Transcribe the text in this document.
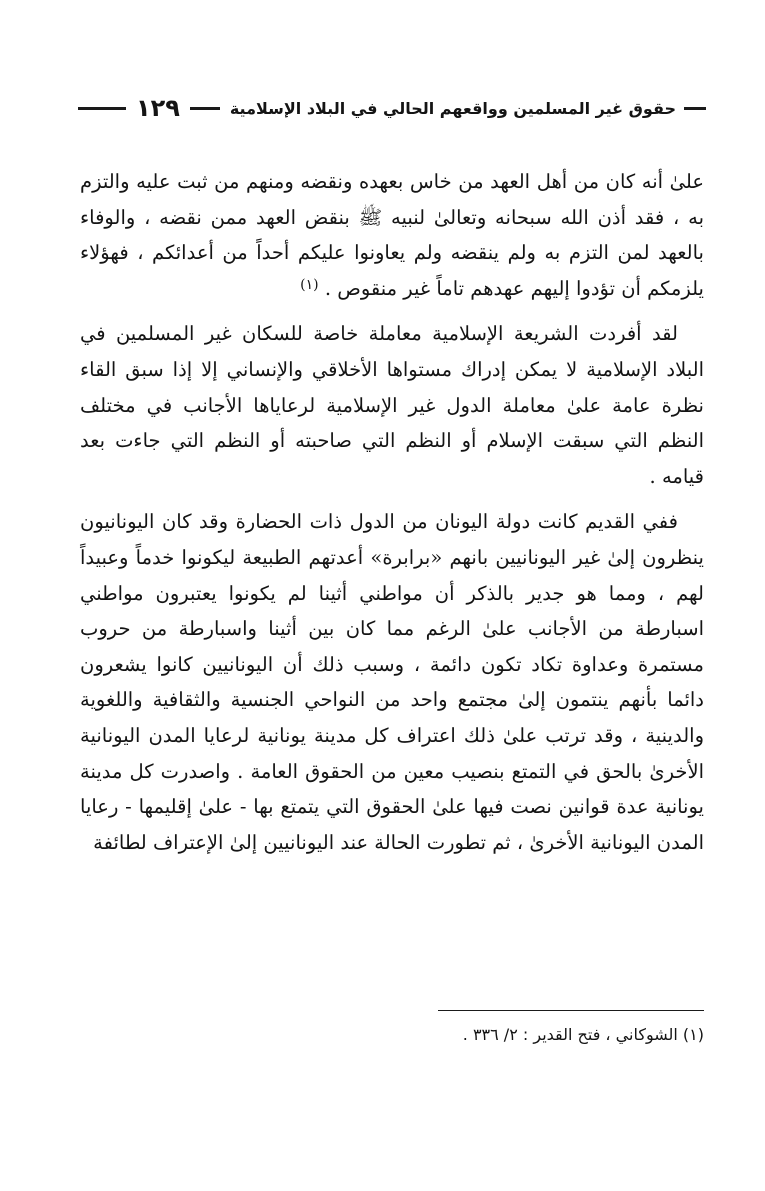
حقوق غير المسلمين وواقعهم الحالي في البلاد الإسلامية
١٢٩

علىٰ أنه كان من أهل العهد من خاس بعهده ونقضه ومنهم من ثبت عليه والتزم به ، فقد أذن الله سبحانه وتعالىٰ لنبيه ﷺ بنقض العهد ممن نقضه ، والوفاء بالعهد لمن التزم به ولم ينقضه ولم يعاونوا عليكم أحداً من أعدائكم ، فهؤلاء يلزمكم أن تؤدوا إليهم عهدهم تاماً غير منقوص . $^{(١)}$

لقد أفردت الشريعة الإسلامية معاملة خاصة للسكان غير المسلمين في البلاد الإسلامية لا يمكن إدراك مستواها الأخلاقي والإنساني إلا إذا سبق القاء نظرة عامة علىٰ معاملة الدول غير الإسلامية لرعاياها الأجانب في مختلف النظم التي سبقت الإسلام أو النظم التي صاحبته أو النظم التي جاءت بعد قيامه .

ففي القديم كانت دولة اليونان من الدول ذات الحضارة وقد كان اليونانيون ينظرون إلىٰ غير اليونانيين بانهم «برابرة» أعدتهم الطبيعة ليكونوا خدماً وعبيداً لهم ، ومما هو جدير بالذكر أن مواطني أثينا لم يكونوا يعتبرون مواطني اسبارطة من الأجانب علىٰ الرغم مما كان بين أثينا واسبارطة من حروب مستمرة وعداوة تكاد تكون دائمة ، وسبب ذلك أن اليونانيين كانوا يشعرون دائما بأنهم ينتمون إلىٰ مجتمع واحد من النواحي الجنسية والثقافية واللغوية والدينية ، وقد ترتب علىٰ ذلك اعتراف كل مدينة يونانية لرعايا المدن اليونانية الأخرىٰ بالحق في التمتع بنصيب معين من الحقوق العامة . واصدرت كل مدينة يونانية عدة قوانين نصت فيها علىٰ الحقوق التي يتمتع بها - علىٰ إقليمها - رعايا المدن اليونانية الأخرىٰ ، ثم تطورت الحالة عند اليونانيين إلىٰ الإعتراف لطائفة

(١) الشوكاني ، فتح القدير : ٢/ ٣٣٦ .
